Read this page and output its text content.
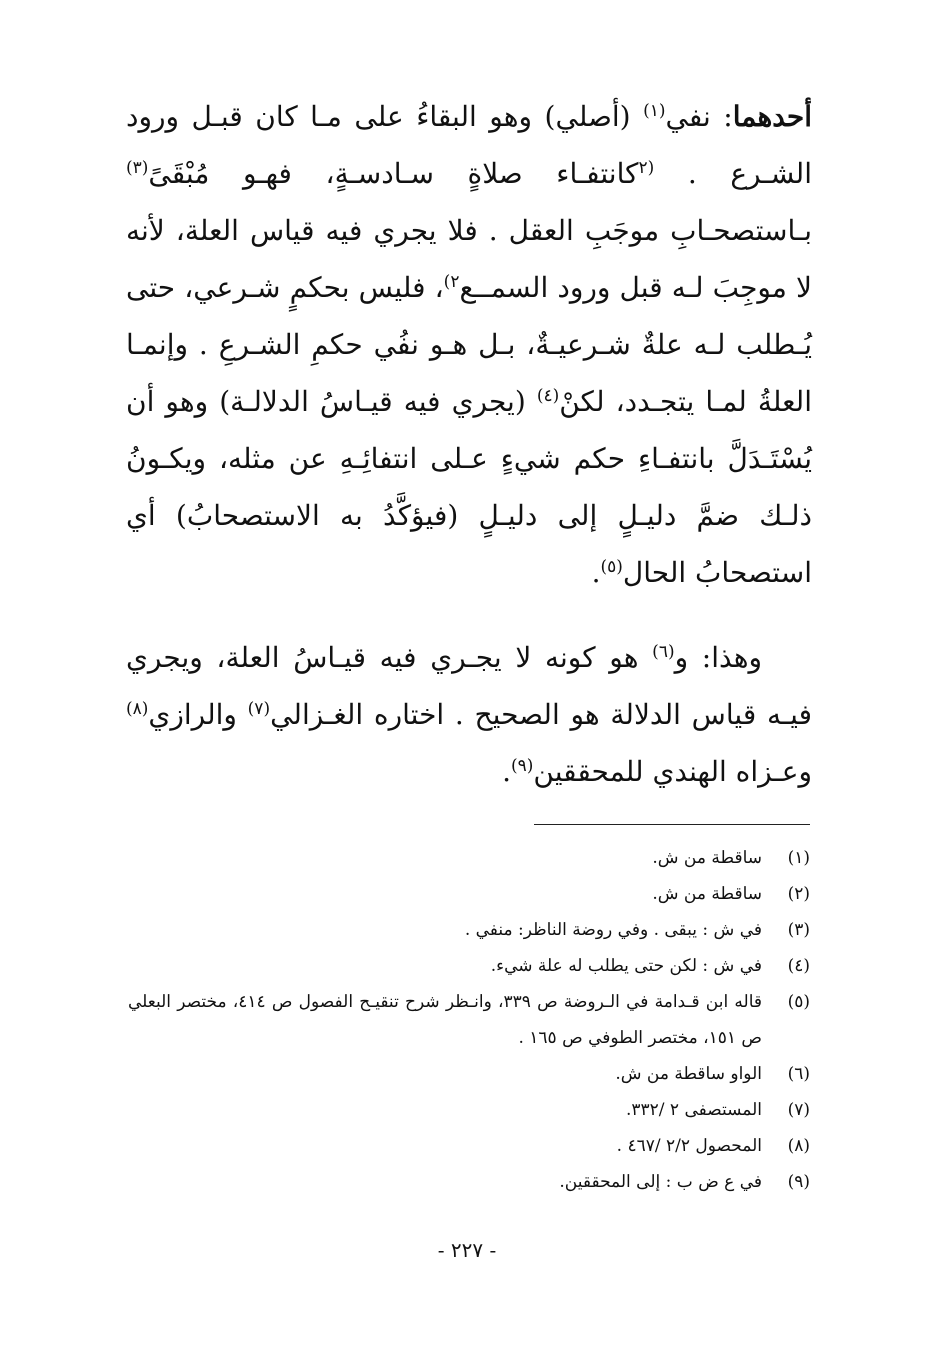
أحدهما: نفي$^{(١)}$ (أصلي) وهو البقاءُ على مـا كان قبـل ورود الشـرع . $^{(٢}$كانتفـاء صلاةٍ سـادسـةٍ، فهـو مُبْقَىً$^{(٣)}$ بـاستصحـابِ موجَبِ العقل . فلا يجري فيه قياس العلة، لأنه لا موجِبَ لـه قبل ورود السمــع$^{٢)}$، فليس بحكمٍ شـرعي، حتى يُـطلب لـه علةٌ شـرعيـةٌ، بـل هـو نفُي حكمِ الشـرعِ . وإنمـا العلةُ لمـا يتجـدد، لكنْ$^{(٤)}$ (يجري فيه قيـاسُ الدلالـة) وهو أن يُسْتَـدَلَّ بانتفـاءِ حكم شيءٍ عـلى انتفائِـهِ عن مثله، ويكـونُ ذلـك ضمَّ دليـلٍ إلى دليـلٍ (فيؤكَّدُ به الاستصحابُ) أي استصحابُ الحال$^{(٥)}$.

وهذا: و$^{(٦)}$ هو كونه لا يجـري فيه قيـاسُ العلة، ويجري فيـه قياس الدلالة هو الصحيح . اختاره الغـزالي$^{(٧)}$ والرازي$^{(٨)}$ وعـزاه الهندي للمحققين$^{(٩)}$.

(١)
ساقطة من ش.
(٢)
ساقطة من ش.
(٣)
في ش : يبقى . وفي روضة الناظر: منفي .
(٤)
في ش : لكن حتى يطلب له علة شيء.
(٥)
قاله ابن قـدامة في الـروضة ص ٣٣٩، وانـظر شرح تنقيـح الفصول ص ٤١٤، مختصر البعلي ص ١٥١، مختصر الطوفي ص ١٦٥ .
(٦)
الواو ساقطة من ش.
(٧)
المستصفى ٢ /٣٣٢.
(٨)
المحصول ٢/٢ /٤٦٧ .
(٩)
في ع ض ب : إلى المحققين.
- ٢٢٧ -
